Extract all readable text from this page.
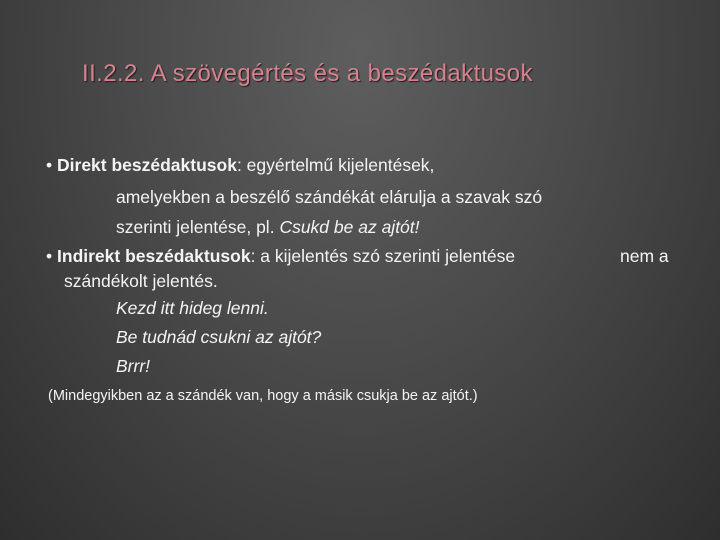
II.2.2. A szövegértés és a beszédaktusok
• Direkt beszédaktusok: egyértelmű kijelentések,
amelyekben a beszélő szándékát elárulja a szavak szó
szerinti jelentése, pl. Csukd be az ajtót!
• Indirekt beszédaktusok: a kijelentés szó szerinti jelentése	nem a
szándékolt jelentés.
Kezd itt hideg lenni.
Be tudnád csukni az ajtót?
Brrr!
(Mindegyikben az a szándék van, hogy a másik csukja be az ajtót.)
